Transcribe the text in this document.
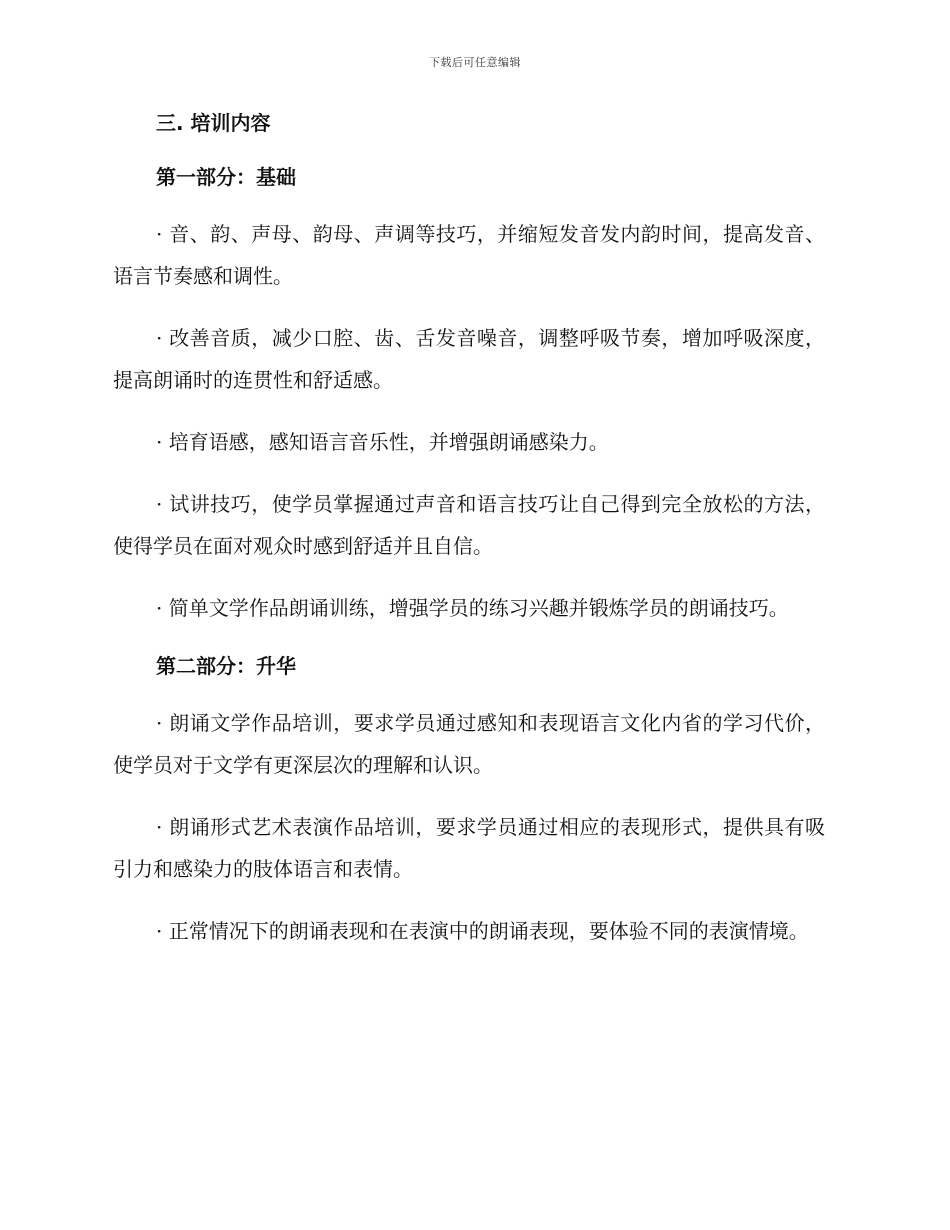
下载后可任意编辑
三. 培训内容
第一部分：基础

· 音、韵、声母、韵母、声调等技巧，并缩短发音发内韵时间，提高发音、语言节奏感和调性。

· 改善音质，减少口腔、齿、舌发音噪音，调整呼吸节奏，增加呼吸深度，提高朗诵时的连贯性和舒适感。

· 培育语感，感知语言音乐性，并增强朗诵感染力。

· 试讲技巧，使学员掌握通过声音和语言技巧让自己得到完全放松的方法，使得学员在面对观众时感到舒适并且自信。

· 简单文学作品朗诵训练，增强学员的练习兴趣并锻炼学员的朗诵技巧。

第二部分：升华

· 朗诵文学作品培训，要求学员通过感知和表现语言文化内省的学习代价，使学员对于文学有更深层次的理解和认识。

· 朗诵形式艺术表演作品培训，要求学员通过相应的表现形式，提供具有吸引力和感染力的肢体语言和表情。

· 正常情况下的朗诵表现和在表演中的朗诵表现，要体验不同的表演情境。
